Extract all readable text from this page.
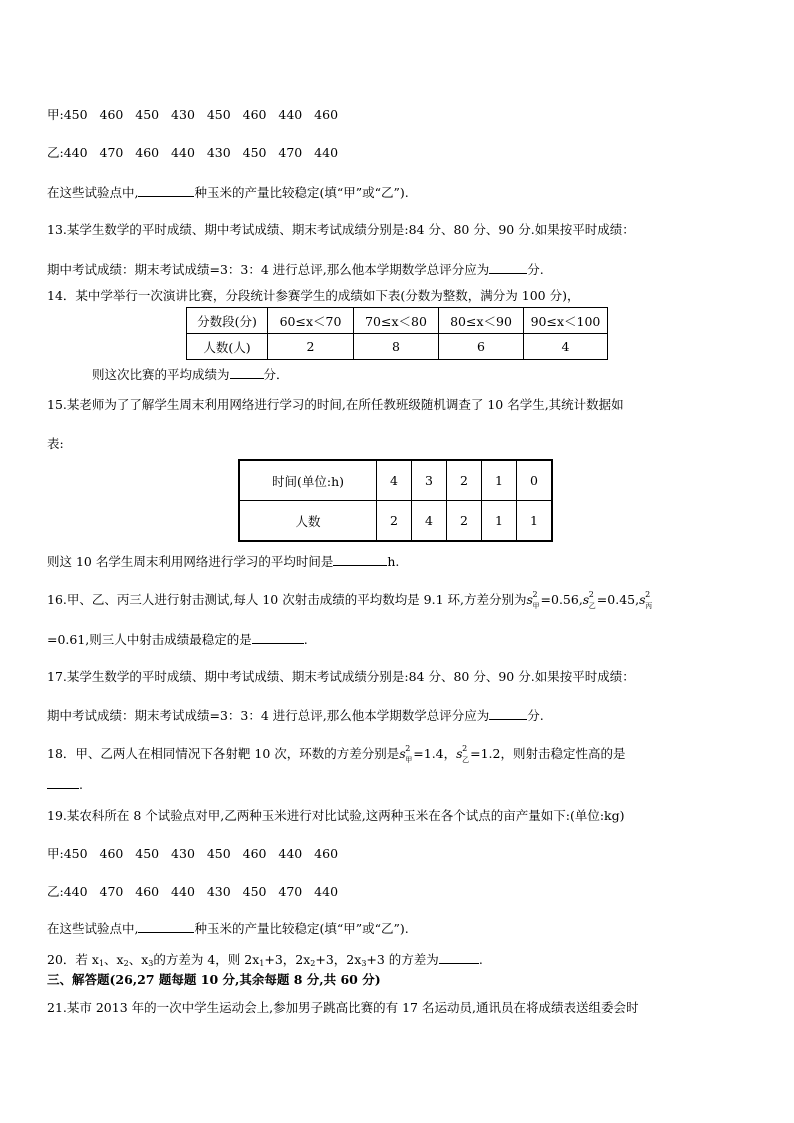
甲:450   460   450   430   450   460   440   460
乙:440   470   460   440   430   450   470   440
在这些试验点中,	种玉米的产量比较稳定(填“甲”或“乙”).
13.某学生数学的平时成绩、期中考试成绩、期末考试成绩分别是:84 分、80 分、90 分.如果按平时成绩：
期中考试成绩：期末考试成绩=3：3：4 进行总评,那么他本学期数学总评分应为	分.
14．某中学举行一次演讲比赛，分段统计参赛学生的成绩如下表(分数为整数，满分为 100 分)，
分数段(分)	60≤x＜70	70≤x＜80	80≤x＜90	90≤x＜100
人数(人)	2	8	6	4
则这次比赛的平均成绩为	分．
15.某老师为了了解学生周末利用网络进行学习的时间,在所任教班级随机调查了 10 名学生,其统计数据如
表:
时间(单位:h)	4	3	2	1	0
人数	2	4	2	1	1
则这 10 名学生周末利用网络进行学习的平均时间是	h.
16.甲、乙、丙三人进行射击测试,每人 10 次射击成绩的平均数均是 9.1 环,方差分别为 s 2
甲 =0.56, s 2
乙 =0.45, s 2
丙
=0.61,则三人中射击成绩最稳定的是	.
17.某学生数学的平时成绩、期中考试成绩、期末考试成绩分别是:84 分、80 分、90 分.如果按平时成绩：
期中考试成绩：期末考试成绩=3：3：4 进行总评,那么他本学期数学总评分应为	分.
18．甲、乙两人在相同情况下各射靶 10 次，环数的方差分别是 s 2
甲 =1.4， s 2
乙 =1.2，则射击稳定性高的是
.
19.某农科所在 8 个试验点对甲,乙两种玉米进行对比试验,这两种玉米在各个试点的亩产量如下:(单位:kg)
甲:450   460   450   430   450   460   440   460
乙:440   470   460   440   430   450   470   440
在这些试验点中,	种玉米的产量比较稳定(填“甲”或“乙”).
20．若 $x_1$、$x_2$、$x_3$的方差为 4，则 $2x_1+3$，$2x_2+3$，$2x_3+3$ 的方差为	.
三、解答题(26,27 题每题 10 分,其余每题 8 分,共 60 分)
21.某市 2013 年的一次中学生运动会上,参加男子跳高比赛的有 17 名运动员,通讯员在将成绩表送组委会时
